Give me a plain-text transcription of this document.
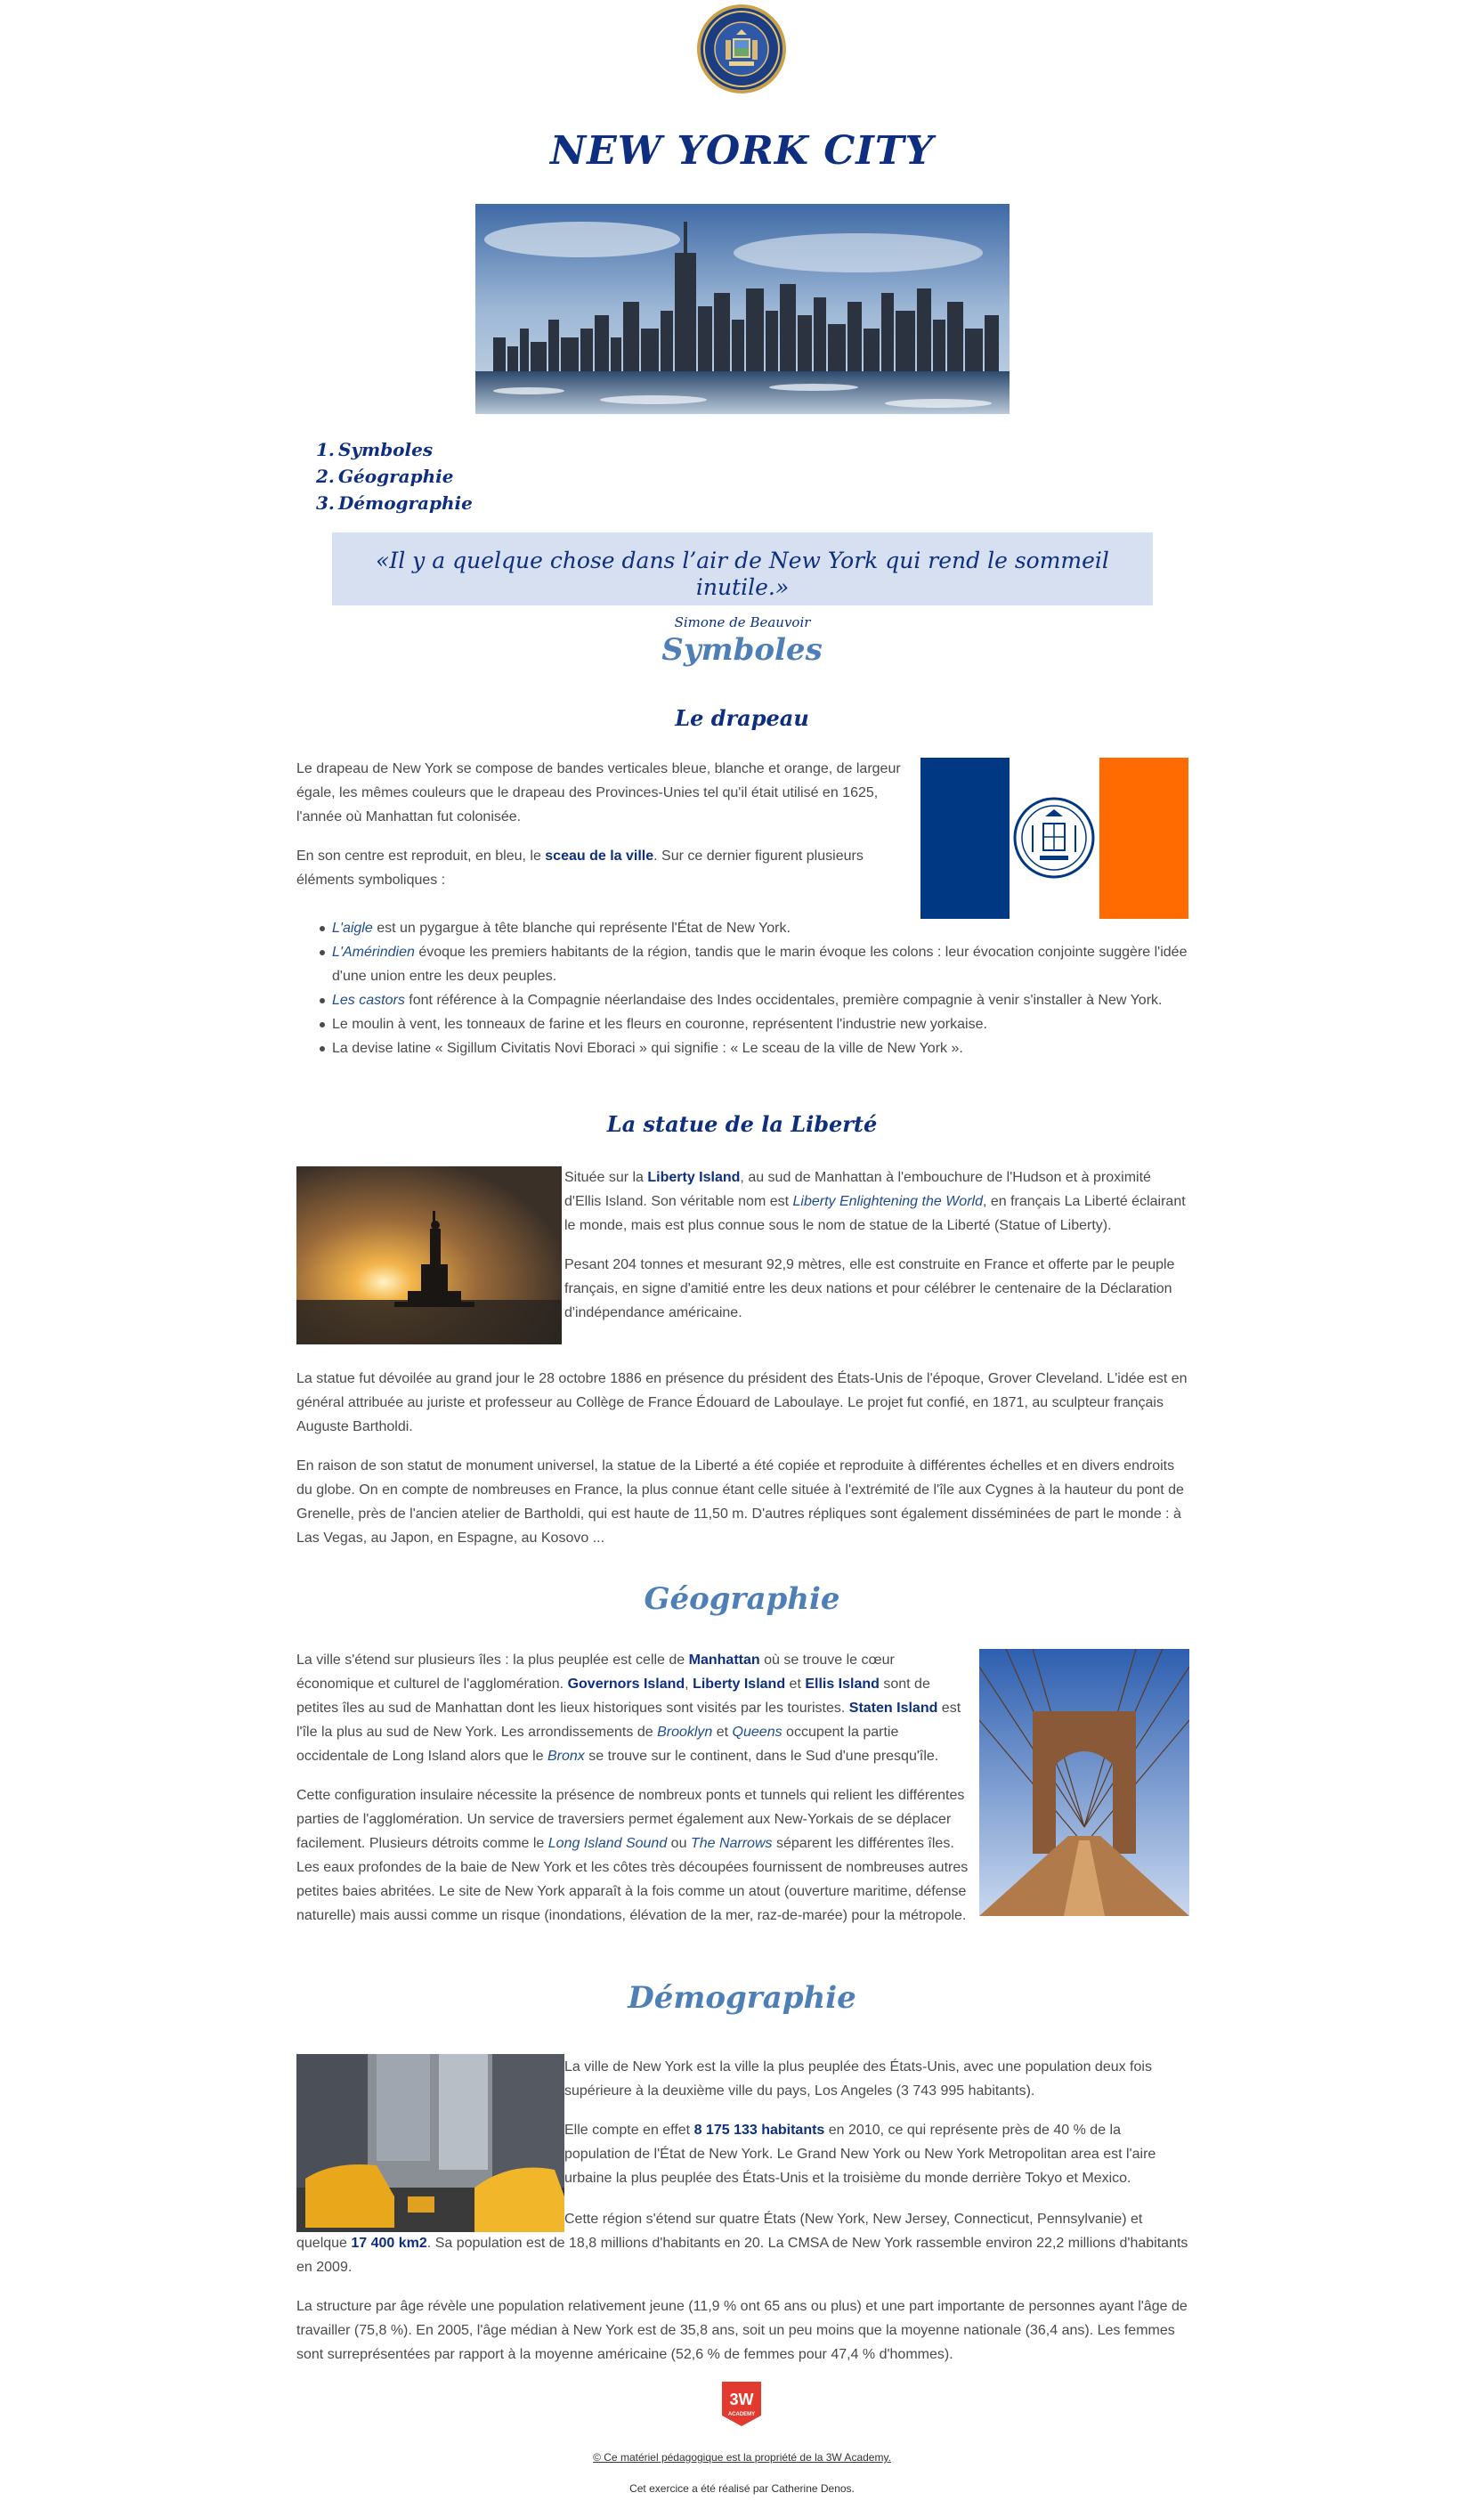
NEW YORK CITY
1. Symboles
2. Géographie
3. Démographie
«Il y a quelque chose dans l’air de New York qui rend le sommeil inutile.»
Simone de Beauvoir
Symboles
Le drapeau

Le drapeau de New York se compose de bandes verticales bleue, blanche et orange, de largeur égale, les mêmes couleurs que le drapeau des Provinces-Unies tel qu'il était utilisé en 1625, l'année où Manhattan fut colonisée.

En son centre est reproduit, en bleu, le sceau de la ville. Sur ce dernier figurent plusieurs éléments symboliques :

L'aigle est un pygargue à tête blanche qui représente l'État de New York.
L'Amérindien évoque les premiers habitants de la région, tandis que le marin évoque les colons : leur évocation conjointe suggère l'idée d'une union entre les deux peuples.
Les castors font référence à la Compagnie néerlandaise des Indes occidentales, première compagnie à venir s'installer à New York.
Le moulin à vent, les tonneaux de farine et les fleurs en couronne, représentent l'industrie new yorkaise.
La devise latine « Sigillum Civitatis Novi Eboraci » qui signifie : « Le sceau de la ville de New York ».
La statue de la Liberté

Située sur la Liberty Island, au sud de Manhattan à l'embouchure de l'Hudson et à proximité d'Ellis Island. Son véritable nom est Liberty Enlightening the World, en français La Liberté éclairant le monde, mais est plus connue sous le nom de statue de la Liberté (Statue of Liberty).

Pesant 204 tonnes et mesurant 92,9 mètres, elle est construite en France et offerte par le peuple français, en signe d'amitié entre les deux nations et pour célébrer le centenaire de la Déclaration d'indépendance américaine.

La statue fut dévoilée au grand jour le 28 octobre 1886 en présence du président des États-Unis de l'époque, Grover Cleveland. L'idée est en général attribuée au juriste et professeur au Collège de France Édouard de Laboulaye. Le projet fut confié, en 1871, au sculpteur français Auguste Bartholdi.

En raison de son statut de monument universel, la statue de la Liberté a été copiée et reproduite à différentes échelles et en divers endroits du globe. On en compte de nombreuses en France, la plus connue étant celle située à l'extrémité de l'île aux Cygnes à la hauteur du pont de Grenelle, près de l'ancien atelier de Bartholdi, qui est haute de 11,50 m. D'autres répliques sont également disséminées de part le monde : à Las Vegas, au Japon, en Espagne, au Kosovo ...

Géographie

La ville s'étend sur plusieurs îles : la plus peuplée est celle de Manhattan où se trouve le cœur économique et culturel de l'agglomération. Governors Island, Liberty Island et Ellis Island sont de petites îles au sud de Manhattan dont les lieux historiques sont visités par les touristes. Staten Island est l'île la plus au sud de New York. Les arrondissements de Brooklyn et Queens occupent la partie occidentale de Long Island alors que le Bronx se trouve sur le continent, dans le Sud d'une presqu'île.

Cette configuration insulaire nécessite la présence de nombreux ponts et tunnels qui relient les différentes parties de l'agglomération. Un service de traversiers permet également aux New-Yorkais de se déplacer facilement. Plusieurs détroits comme le Long Island Sound ou The Narrows séparent les différentes îles. Les eaux profondes de la baie de New York et les côtes très découpées fournissent de nombreuses autres petites baies abritées. Le site de New York apparaît à la fois comme un atout (ouverture maritime, défense naturelle) mais aussi comme un risque (inondations, élévation de la mer, raz-de-marée) pour la métropole.

Démographie

La ville de New York est la ville la plus peuplée des États-Unis, avec une population deux fois supérieure à la deuxième ville du pays, Los Angeles (3 743 995 habitants).

Elle compte en effet 8 175 133 habitants en 2010, ce qui représente près de 40 % de la population de l'État de New York. Le Grand New York ou New York Metropolitan area est l'aire urbaine la plus peuplée des États-Unis et la troisième du monde derrière Tokyo et Mexico.

Cette région s'étend sur quatre États (New York, New Jersey, Connecticut, Pennsylvanie) et quelque 17 400 km2. Sa population est de 18,8 millions d'habitants en 20. La CMSA de New York rassemble environ 22,2 millions d'habitants en 2009.

La structure par âge révèle une population relativement jeune (11,9 % ont 65 ans ou plus) et une part importante de personnes ayant l'âge de travailler (75,8 %). En 2005, l'âge médian à New York est de 35,8 ans, soit un peu moins que la moyenne nationale (36,4 ans). Les femmes sont surreprésentées par rapport à la moyenne américaine (52,6 % de femmes pour 47,4 % d'hommes).

3W
ACADEMY
© Ce matériel pédagogique est la propriété de la 3W Academy.
Cet exercice a été réalisé par Catherine Denos.
